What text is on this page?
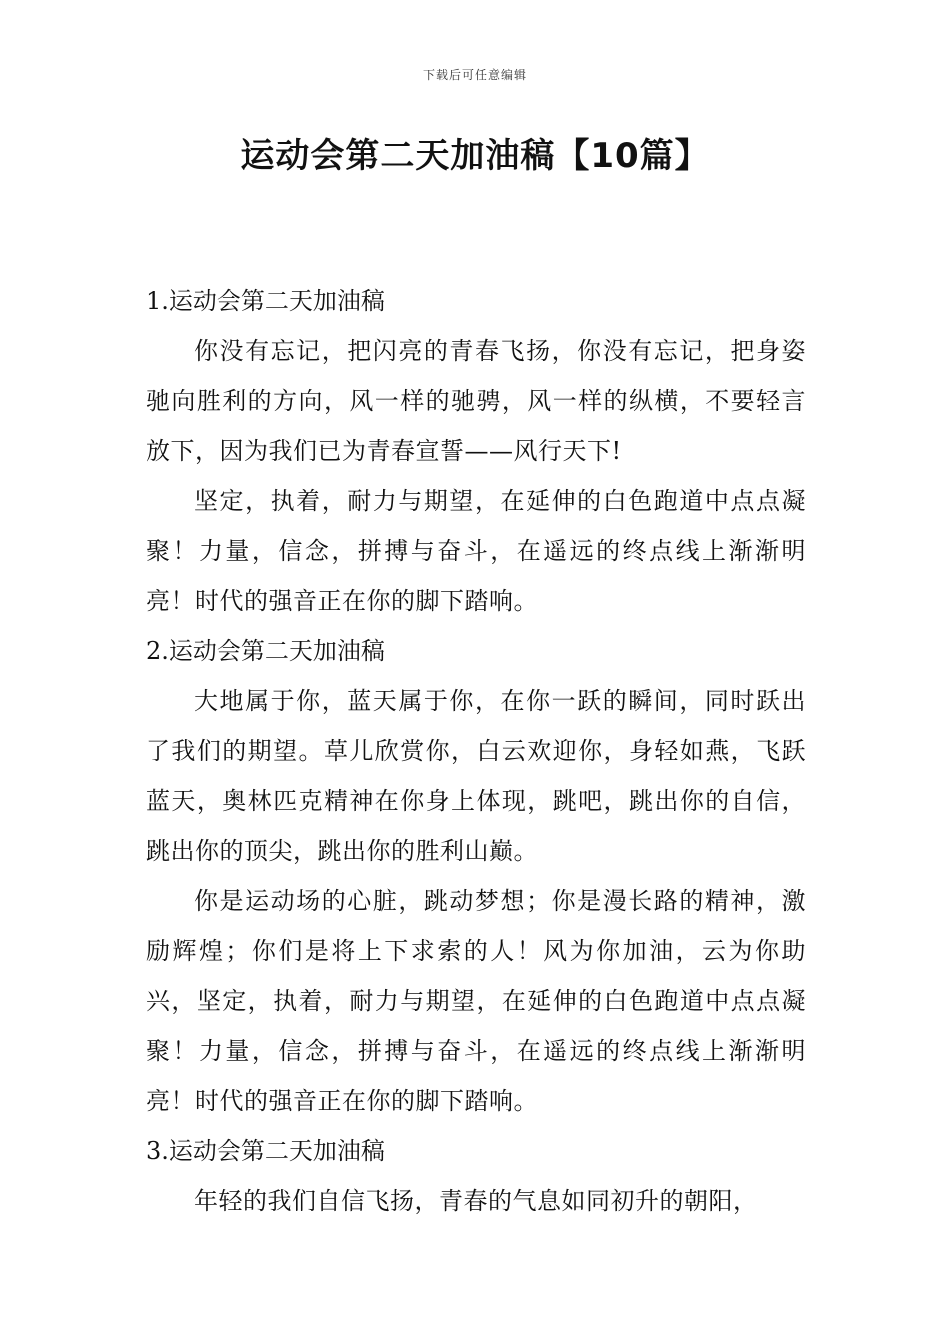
下载后可任意编辑
运动会第二天加油稿【10篇】

1.运动会第二天加油稿

你没有忘记，把闪亮的青春飞扬，你没有忘记，把身姿驰向胜利的方向，风一样的驰骋，风一样的纵横，不要轻言放下，因为我们已为青春宣誓——风行天下!

坚定，执着，耐力与期望，在延伸的白色跑道中点点凝聚！力量，信念，拼搏与奋斗，在遥远的终点线上渐渐明亮！时代的强音正在你的脚下踏响。

2.运动会第二天加油稿

大地属于你，蓝天属于你，在你一跃的瞬间，同时跃出了我们的期望。草儿欣赏你，白云欢迎你，身轻如燕，飞跃蓝天，奥林匹克精神在你身上体现，跳吧，跳出你的自信，跳出你的顶尖，跳出你的胜利山巅。

你是运动场的心脏，跳动梦想；你是漫长路的精神，激励辉煌；你们是将上下求索的人！风为你加油，云为你助兴，坚定，执着，耐力与期望，在延伸的白色跑道中点点凝聚！力量，信念，拼搏与奋斗，在遥远的终点线上渐渐明亮！时代的强音正在你的脚下踏响。

3.运动会第二天加油稿

年轻的我们自信飞扬，青春的气息如同初升的朝阳，
